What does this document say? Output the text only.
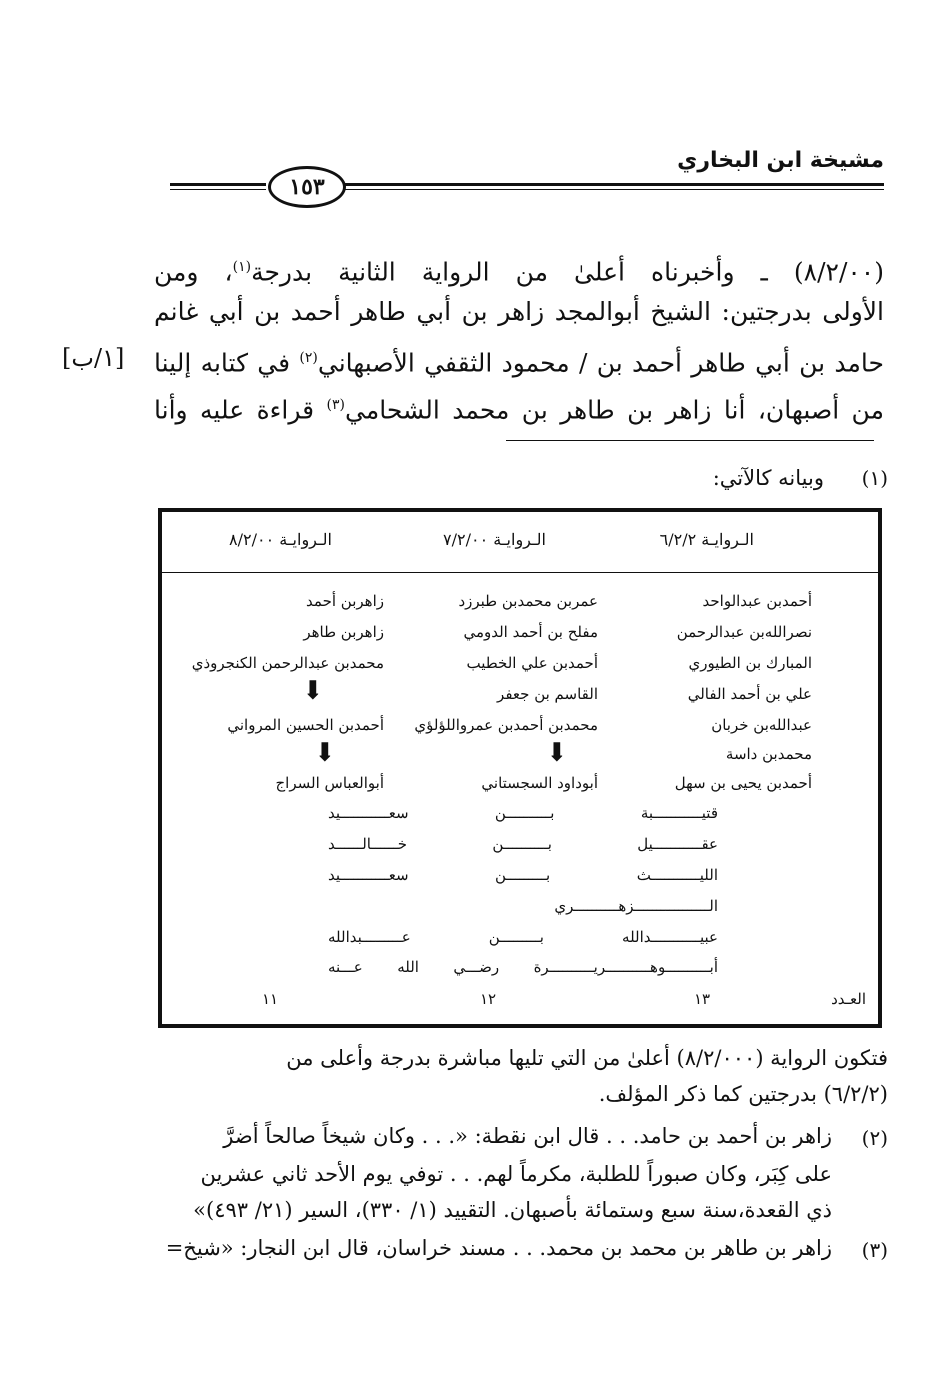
مشيخة ابن البخاري
١٥٣
(٨/٢/٠٠) ـ وأخبرناه أعلىٰ من الرواية الثانية بدرجة$^{(١)}$، ومن
الأولى بدرجتين: الشيخ أبوالمجد زاهر بن أبي طاهر أحمد بن أبي غانم
حامد بن أبي طاهر أحمد بن / محمود الثقفي الأصبهاني$^{(٢)}$ في كتابه إلينا
من أصبهان، أنا زاهر بن طاهر بن محمد الشحامي$^{(٣)}$ قراءة عليه وأنا
[١/ب]
(١)
وبيانه كالآتي:
الـروايـة ٦/٢/٢
الـروايـة ٧/٢/٠٠
الـروايـة ٨/٢/٠٠
أحمدبن عبدالواحد
نصرالله‌بن عبدالرحمن
المبارك بن الطيوري
علي بن أحمد الفالي
عبدالله‌بن خربان
محمدبن داسة
أحمدبن يحيى بن سهل
عمربن محمدبن طبرزد
مفلح بن أحمد الدومي
أحمدبن علي الخطيب
القاسم بن جعفر
محمدبن أحمدبن عمرواللؤلؤي
⬇
أبوداود السجستاني
زاهربن أحمد
زاهربن طاهر
محمدبن عبدالرحمن الكنجروذي
⬇
أحمدبن الحسين المرواني
⬇
أبوالعباس السراج
قتيـــــــــــبة بــــــــــن سعـــــــــــيد
عقـــــــــــيل بــــــــــن خــــــالــــــد
الليـــــــــــث بـــــــــن سعـــــــــــيد
الـــــــــــــــــزهــــــــــري
عبيـــــــــــدالله بـــــــــن عـــــــــبدالله
أبــــــــــوهــــــــــريــــــــــرة رضـــي الله عـــنه
العـدد
١٣
١٢
١١
فتكون الرواية (٨/٢/٠٠٠) أعلىٰ من التي تليها مباشرة بدرجة وأعلى من
(٦/٢/٢) بدرجتين كما ذكر المؤلف.
(٢)
زاهر بن أحمد بن حامد. . . قال ابن نقطة: «. . . وكان شيخاً صالحاً أضرَّ
على كِبَر، وكان صبوراً للطلبة، مكرماً لهم. . . توفي يوم الأحد ثاني عشرين
ذي القعدة،سنة سبع وستمائة بأصبهان. التقييد (١/ ٣٣٠)، السير (٢١/ ٤٩٣)»
(٣)
زاهر بن طاهر بن محمد بن محمد. . . مسند خراسان، قال ابن النجار: «شيخ=
